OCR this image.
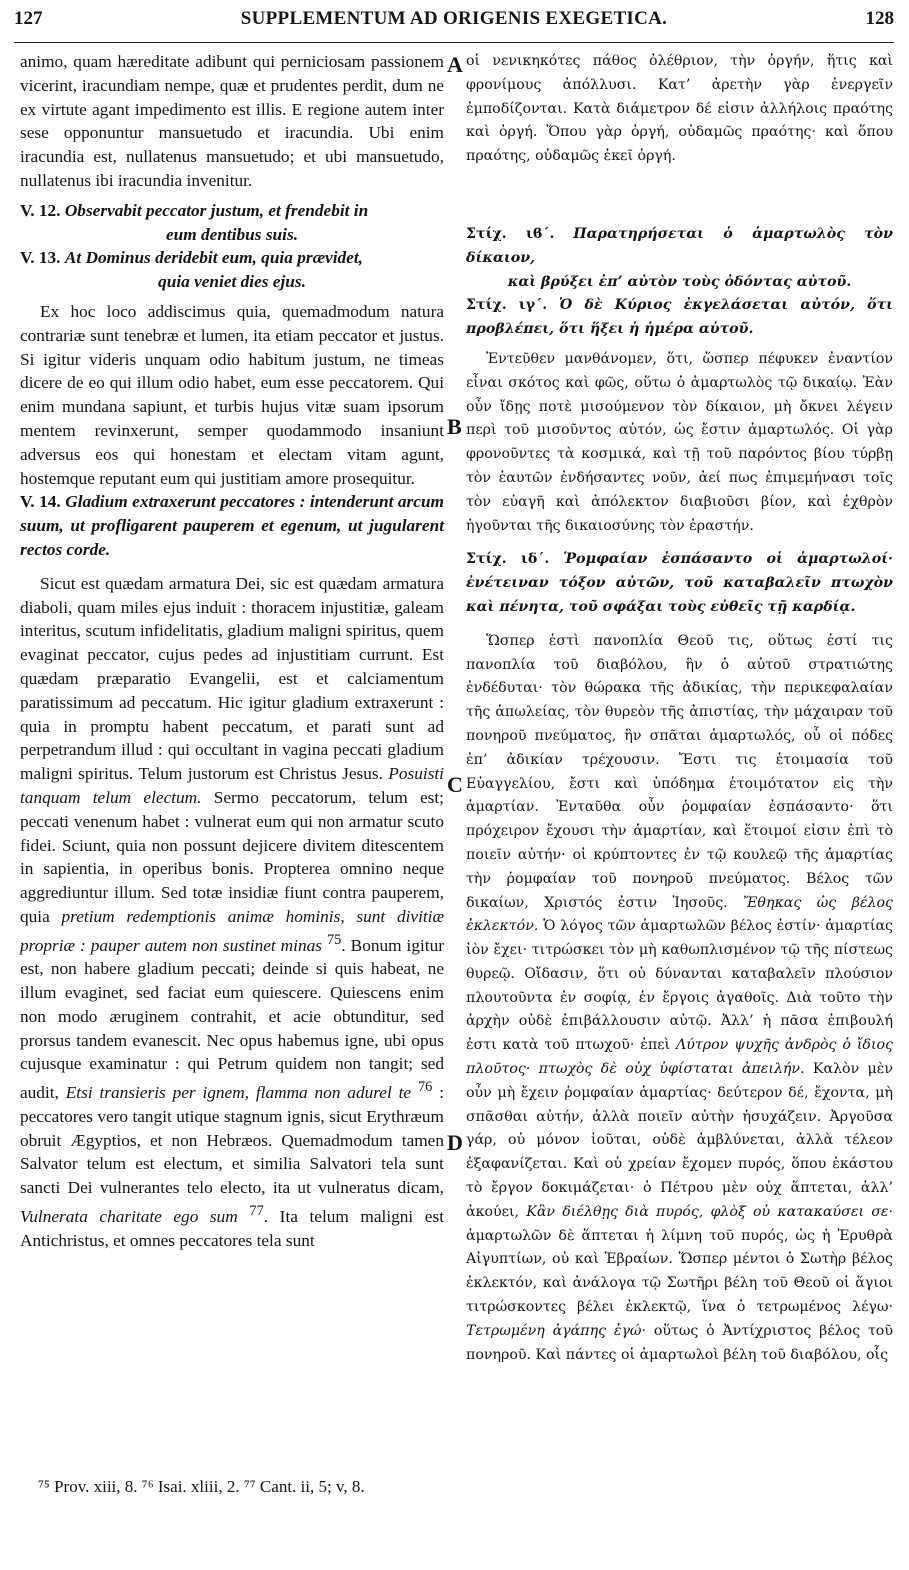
127	SUPPLEMENTUM AD ORIGENIS EXEGETICA.	128

animo, quam hæreditate adibunt qui perniciosam passionem vicerint, iracundiam nempe, quæ et prudentes perdit, dum ne ex virtute agant impedimento est illis. E regione autem inter sese opponuntur mansuetudo et iracundia. Ubi enim iracundia est, nullatenus mansuetudo; et ubi mansuetudo, nullatenus ibi iracundia invenitur.

V. 12. Observabit peccator justum, et frendebit in
eum dentibus suis.

V. 13. At Dominus deridebit eum, quia prævidet,
quia veniet dies ejus.

Ex hoc loco addiscimus quia, quemadmodum natura contrariæ sunt tenebræ et lumen, ita etiam peccator et justus. Si igitur videris unquam odio habitum justum, ne timeas dicere de eo qui illum odio habet, eum esse peccatorem. Qui enim mundana sapiunt, et turbis hujus vitæ suam ipsorum mentem revinxerunt, semper quodammodo insaniunt adversus eos qui honestam et electam vitam agunt, hostemque reputant eum qui justitiam amore prosequitur.

V. 14. Gladium extraxerunt peccatores : intenderunt arcum suum, ut profligarent pauperem et egenum, ut jugularent rectos corde.

Sicut est quædam armatura Dei, sic est quædam armatura diaboli, quam miles ejus induit : thoracem injustitiæ, galeam interitus, scutum infidelitatis, gladium maligni spiritus, quem evaginat peccator, cujus pedes ad injustitiam currunt. Est quædam præparatio Evangelii, est et calciamentum paratissimum ad peccatum. Hic igitur gladium extraxerunt : quia in promptu habent peccatum, et parati sunt ad perpetrandum illud : qui occultant in vagina peccati gladium maligni spiritus. Telum justorum est Christus Jesus. Posuisti tanquam telum electum. Sermo peccatorum, telum est; peccati venenum habet : vulnerat eum qui non armatur scuto fidei. Sciunt, quia non possunt dejicere divitem ditescentem in sapientia, in operibus bonis. Propterea omnino neque aggrediuntur illum. Sed totæ insidiæ fiunt contra pauperem, quia pretium redemptionis animæ hominis, sunt divitiæ propriæ : pauper autem non sustinet minas $^{75}$. Bonum igitur est, non habere gladium peccati; deinde si quis habeat, ne illum evaginet, sed faciat eum quiescere. Quiescens enim non modo æruginem contrahit, et acie obtunditur, sed prorsus tandem evanescit. Nec opus habemus igne, ubi opus cujusque examinatur : qui Petrum quidem non tangit; sed audit, Etsi transieris per ignem, flamma non adurel te $^{76}$ : peccatores vero tangit utique stagnum ignis, sicut Erythræum obruit Ægyptios, et non Hebræos. Quemadmodum tamen Salvator telum est electum, et similia Salvatori tela sunt sancti Dei vulnerantes telo electo, ita ut vulneratus dicam, Vulnerata charitate ego sum $^{77}$. Ita telum maligni est Antichristus, et omnes peccatores tela sunt

οἱ νενικηκότες πάθος ὀλέθριον, τὴν ὀργήν, ἥτις καὶ φρονίμους ἀπόλλυσι. Κατ’ ἀρετὴν γὰρ ἐνεργεῖν ἐμποδίζονται. Κατὰ διάμετρον δέ εἰσιν ἀλλήλοις πραότης καὶ ὀργή. Ὅπου γὰρ ὀργή, οὐδαμῶς πραότης· καὶ ὅπου πραότης, οὐδαμῶς ἐκεῖ ὀργή.

Στίχ. ιϐ΄. Παρατηρήσεται ὁ ἁμαρτωλὸς τὸν δίκαιον,
καὶ βρύξει ἐπ’ αὐτὸν τοὺς ὀδόντας αὐτοῦ.

Στίχ. ιγ΄. Ὁ δὲ Κύριος ἐκγελάσεται αὐτόν, ὅτι προβλέπει, ὅτι ἥξει ἡ ἡμέρα αὐτοῦ.

Ἐντεῦθεν μανθάνομεν, ὅτι, ὥσπερ πέφυκεν ἐναντίον εἶναι σκότος καὶ φῶς, οὕτω ὁ ἁμαρτωλὸς τῷ δικαίῳ. Ἐὰν οὖν ἴδῃς ποτὲ μισούμενον τὸν δίκαιον, μὴ ὄκνει λέγειν περὶ τοῦ μισοῦντος αὐτόν, ὡς ἔστιν ἁμαρτωλός. Οἱ γὰρ φρονοῦντες τὰ κοσμικά, καὶ τῇ τοῦ παρόντος βίου τύρβῃ τὸν ἑαυτῶν ἐνδήσαντες νοῦν, ἀεί πως ἐπιμεμήνασι τοῖς τὸν εὐαγῆ καὶ ἀπόλεκτον διαβιοῦσι βίον, καὶ ἐχθρὸν ἡγοῦνται τῆς δικαιοσύνης τὸν ἐραστήν.

Στίχ. ιδ΄. Ῥομφαίαν ἐσπάσαντο οἱ ἁμαρτωλοί· ἐνέτειναν τόξον αὐτῶν, τοῦ καταβαλεῖν πτωχὸν καὶ πένητα, τοῦ σφάξαι τοὺς εὐθεῖς τῇ καρδίᾳ.

Ὥσπερ ἐστὶ πανοπλία Θεοῦ τις, οὕτως ἐστί τις πανοπλία τοῦ διαβόλου, ἣν ὁ αὐτοῦ στρατιώτης ἐνδέδυται· τὸν θώρακα τῆς ἀδικίας, τὴν περικεφαλαίαν τῆς ἀπωλείας, τὸν θυρεὸν τῆς ἀπιστίας, τὴν μάχαιραν τοῦ πονηροῦ πνεύματος, ἣν σπᾶται ἁμαρτωλός, οὗ οἱ πόδες ἐπ’ ἀδικίαν τρέχουσιν. Ἔστι τις ἑτοιμασία τοῦ Εὐαγγελίου, ἔστι καὶ ὑπόδημα ἑτοιμότατον εἰς τὴν ἁμαρτίαν. Ἐνταῦθα οὖν ῥομφαίαν ἐσπάσαντο· ὅτι πρόχειρον ἔχουσι τὴν ἁμαρτίαν, καὶ ἕτοιμοί εἰσιν ἐπὶ τὸ ποιεῖν αὐτήν· οἱ κρύπτοντες ἐν τῷ κουλεῷ τῆς ἁμαρτίας τὴν ῥομφαίαν τοῦ πονηροῦ πνεύματος. Βέλος τῶν δικαίων, Χριστός ἐστιν Ἰησοῦς. Ἔθηκας ὡς βέλος ἐκλεκτόν. Ὁ λόγος τῶν ἁμαρτωλῶν βέλος ἐστίν· ἁμαρτίας ἰὸν ἔχει· τιτρώσκει τὸν μὴ καθωπλισμένον τῷ τῆς πίστεως θυρεῷ. Οἴδασιν, ὅτι οὐ δύνανται καταβαλεῖν πλούσιον πλουτοῦντα ἐν σοφίᾳ, ἐν ἔργοις ἀγαθοῖς. Διὰ τοῦτο τὴν ἀρχὴν οὐδὲ ἐπιβάλλουσιν αὐτῷ. Ἀλλ’ ἡ πᾶσα ἐπιβουλή ἐστι κατὰ τοῦ πτωχοῦ· ἐπεὶ Λύτρον ψυχῆς ἀνδρὸς ὁ ἴδιος πλοῦτος· πτωχὸς δὲ οὐχ ὑφίσταται ἀπειλήν. Καλὸν μὲν οὖν μὴ ἔχειν ῥομφαίαν ἁμαρτίας· δεύτερον δέ, ἔχοντα, μὴ σπᾶσθαι αὐτήν, ἀλλὰ ποιεῖν αὐτὴν ἡσυχάζειν. Ἀργοῦσα γάρ, οὐ μόνον ἰοῦται, οὐδὲ ἀμβλύνεται, ἀλλὰ τέλεον ἐξαφανίζεται. Καὶ οὐ χρείαν ἔχομεν πυρός, ὅπου ἑκάστου τὸ ἔργον δοκιμάζεται· ὁ Πέτρου μὲν οὐχ ἅπτεται, ἀλλ’ ἀκούει, Κἂν διέλθῃς διὰ πυρός, φλὸξ οὐ κατακαύσει σε· ἁμαρτωλῶν δὲ ἅπτεται ἡ λίμνη τοῦ πυρός, ὡς ἡ Ἐρυθρὰ Αἰγυπτίων, οὐ καὶ Ἑβραίων. Ὥσπερ μέντοι ὁ Σωτὴρ βέλος ἐκλεκτόν, καὶ ἀνάλογα τῷ Σωτῆρι βέλη τοῦ Θεοῦ οἱ ἅγιοι τιτρώσκοντες βέλει ἐκλεκτῷ, ἵνα ὁ τετρωμένος λέγω· Τετρωμένη ἀγάπης ἐγώ· οὕτως ὁ Ἀντίχριστος βέλος τοῦ πονηροῦ. Καὶ πάντες οἱ ἁμαρτωλοὶ βέλη τοῦ διαβόλου, οἷς

A
B
C
D
⁷⁵ Prov. xiii, 8. ⁷⁶ Isai. xliii, 2. ⁷⁷ Cant. ii, 5; v, 8.
